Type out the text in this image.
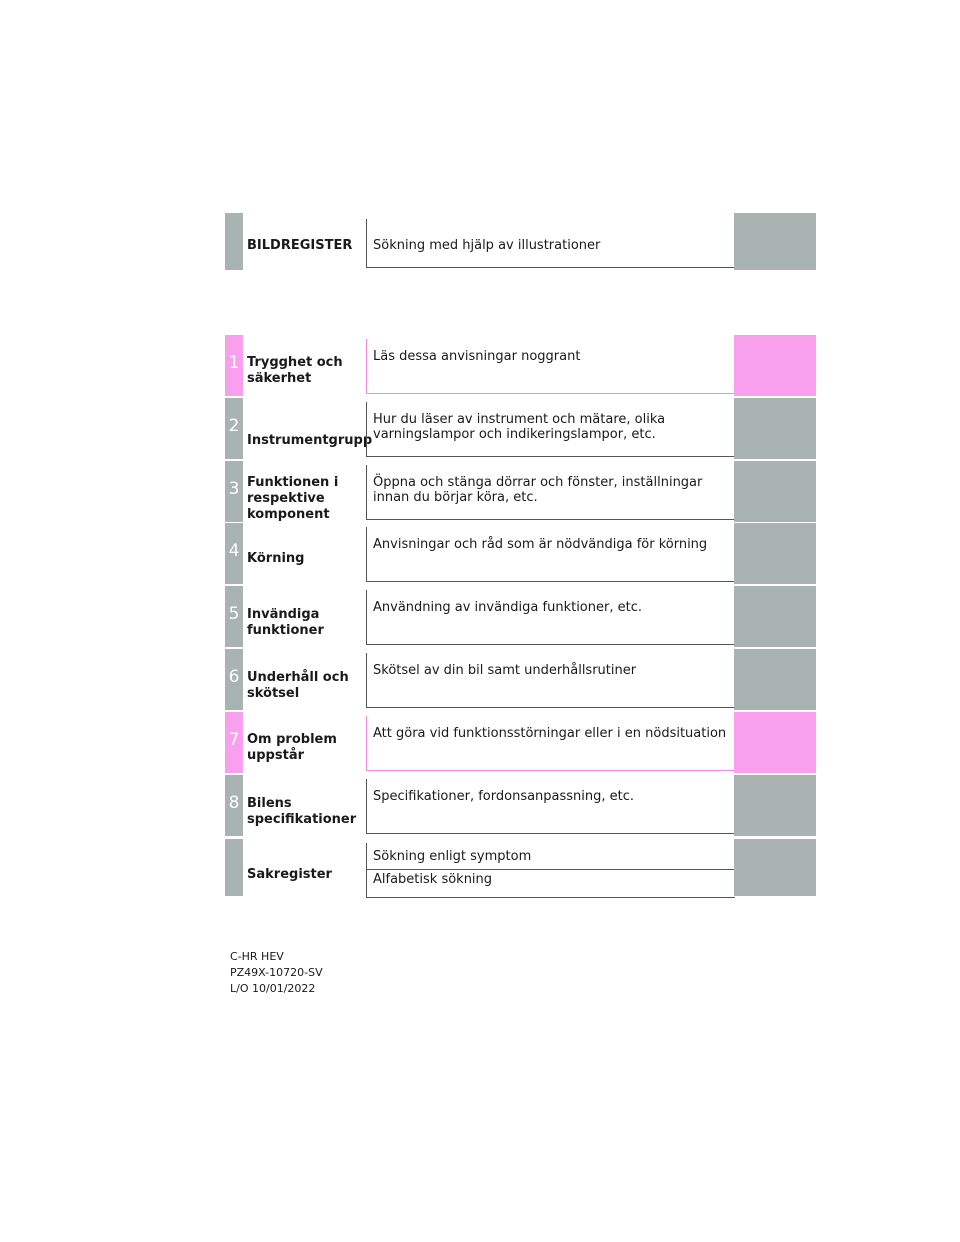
BILDREGISTER	Sökning med hjälp av illustrationer
1 Trygghet och
säkerhet
Läs dessa anvisningar noggrant
2
Instrumentgrupp
Hur du läser av instrument och mätare, olika varningslampor och indikeringslampor, etc.
3 Funktionen i respektive komponent
Öppna och stänga dörrar och fönster, inställningar innan du börjar köra, etc.
4 Körning
Anvisningar och råd som är nödvändiga för körning
5 Invändiga funktioner
Användning av invändiga funktioner, etc.
6 Underhåll och skötsel
Skötsel av din bil samt underhållsrutiner
7 Om problem uppstår
Att göra vid funktionsstörningar eller i en nödsituation
8 Bilens specifikationer
Specifikationer, fordonsanpassning, etc.
Sakregister
Sökning enligt symptom
Alfabetisk sökning
C-HR HEV
PZ49X-10720-SV
L/O 10/01/2022
